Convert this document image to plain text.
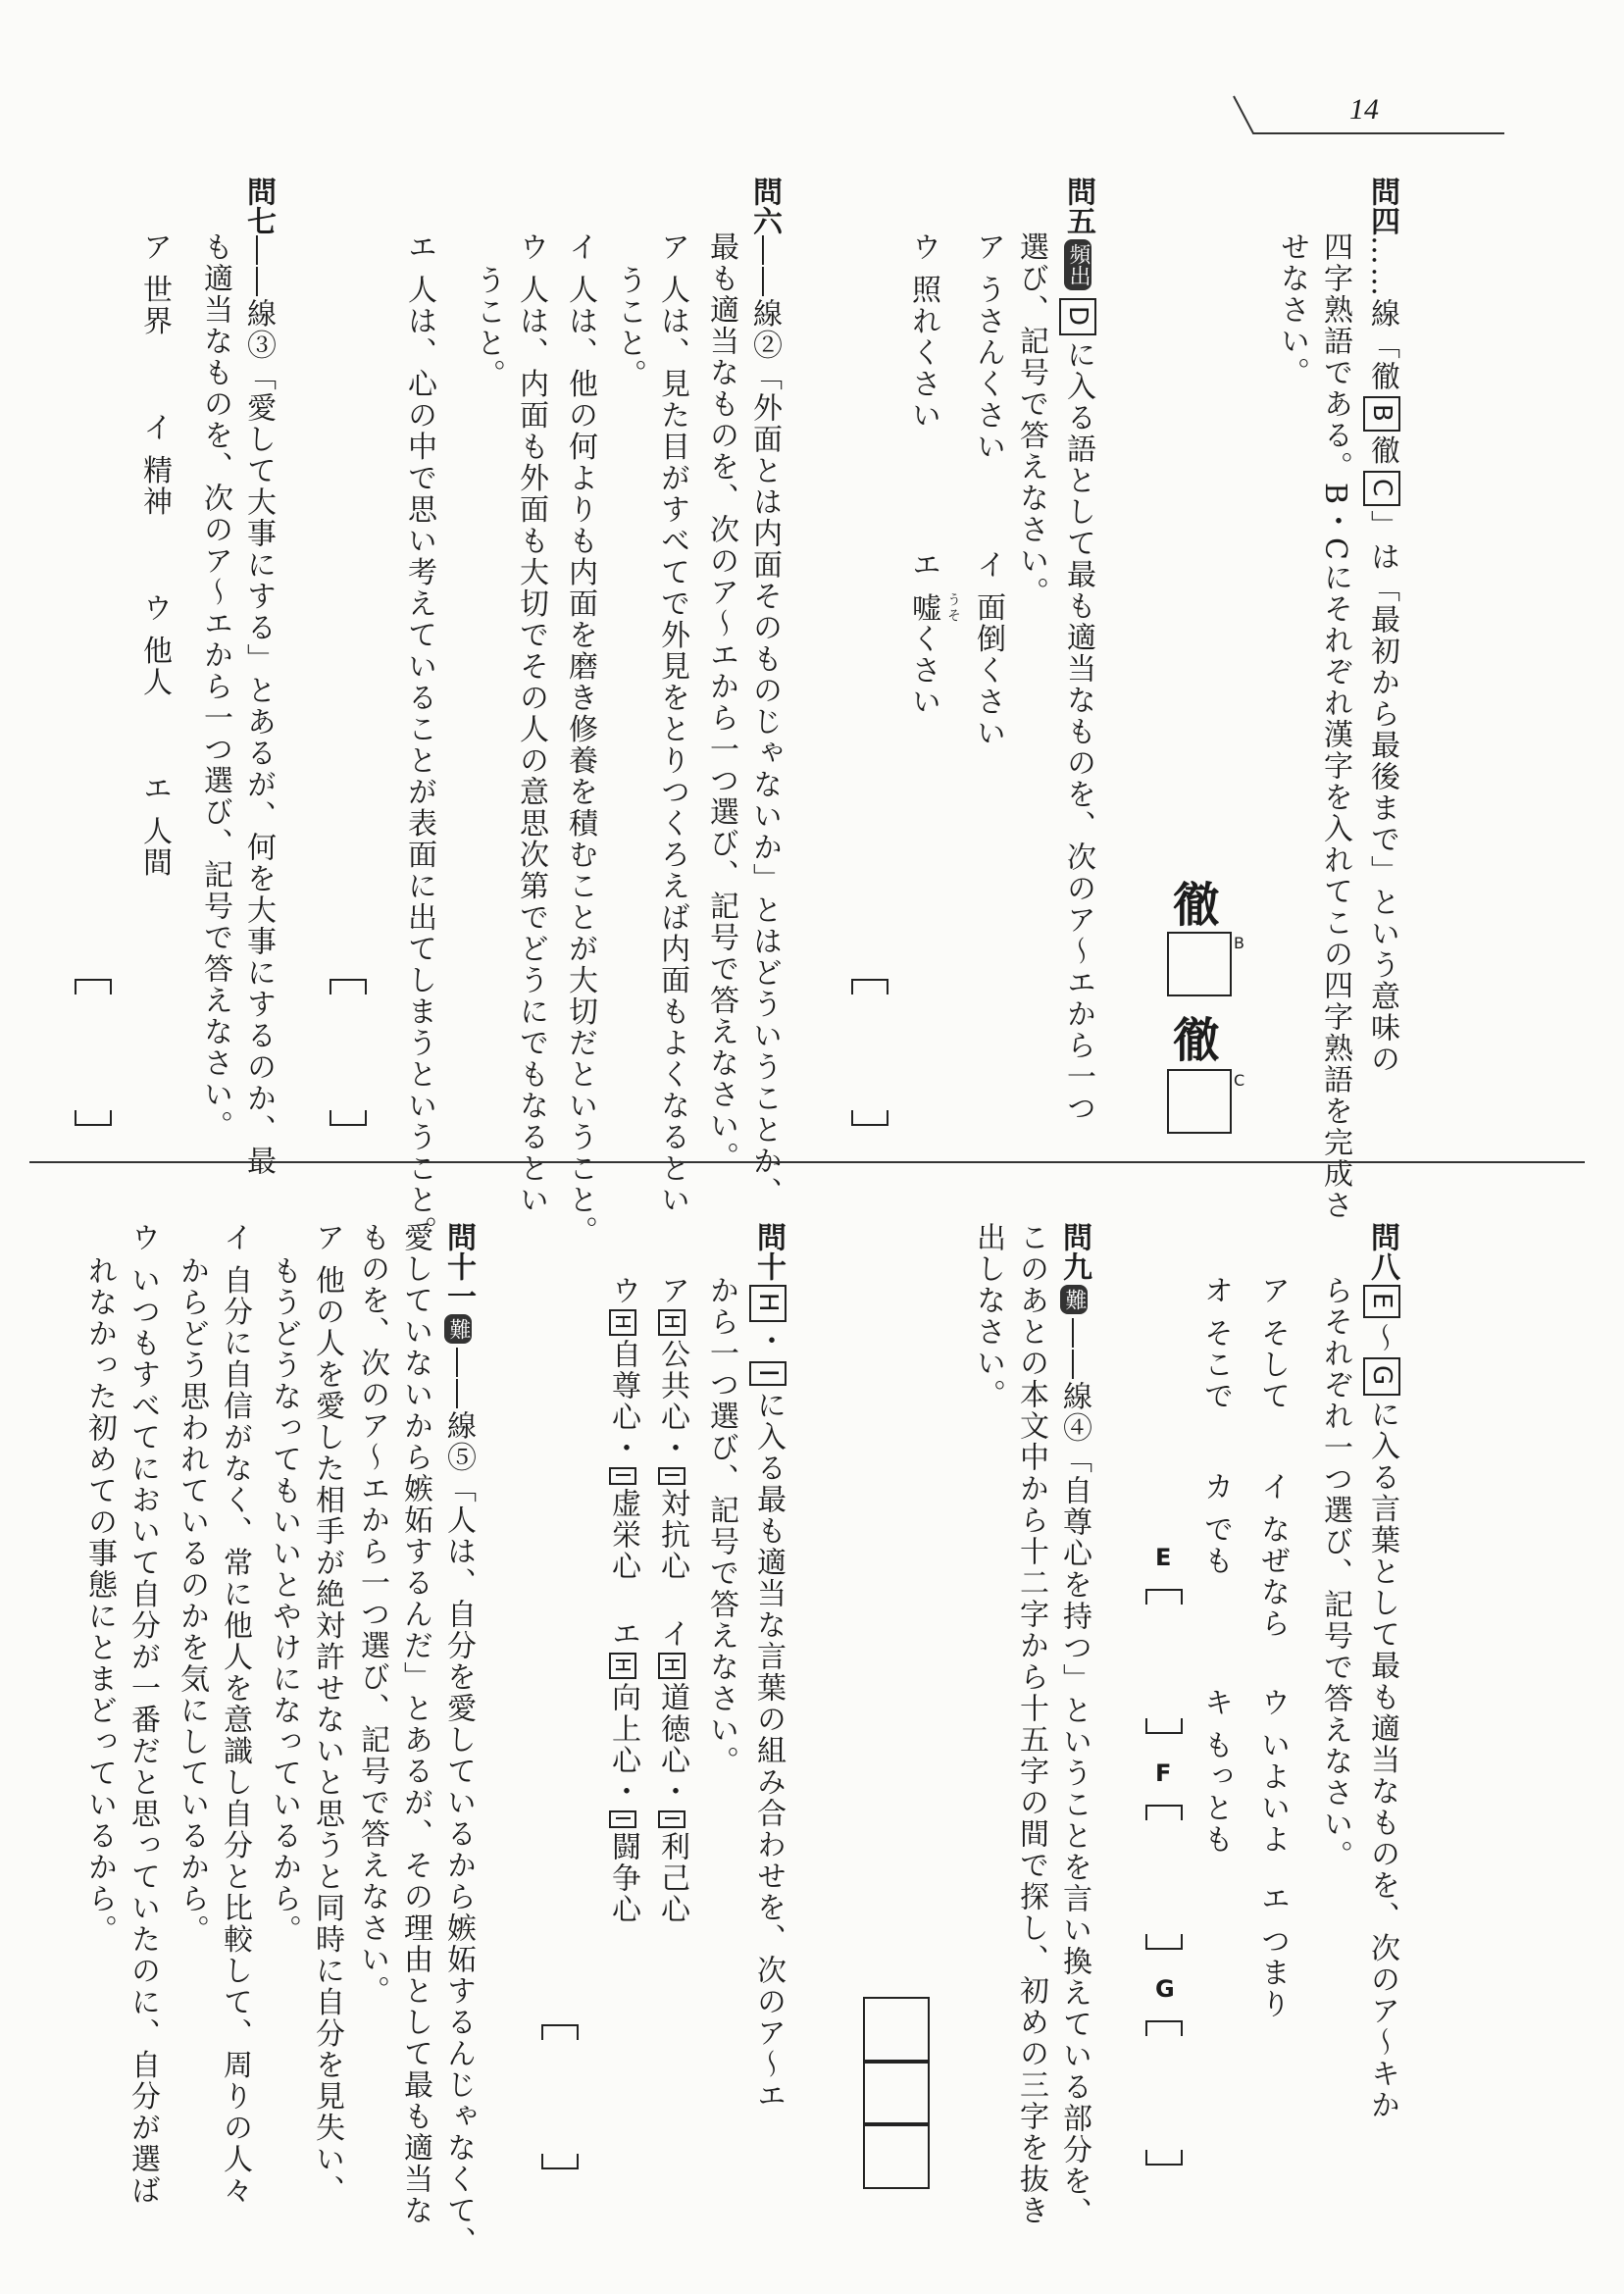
14
問四……線「徹B徹C」は「最初から最後まで」という意味の
四字熟語である。B・Cにそれぞれ漢字を入れてこの四字熟語を完成さ
せなさい。
徹
B
徹
C
問五頻出Dに入る語として最も適当なものを、次のア～エから一つ
選び、記号で答えなさい。
ア うさんくさい
イ 面倒くさい
ウ 照れくさい
エ 嘘 うそ
くさい
問六――線②「外面とは内面そのものじゃないか」とはどういうことか、
最も適当なものを、次のア～エから一つ選び、記号で答えなさい。
ア 人は、見た目がすべてで外見をとりつくろえば内面もよくなるとい
うこと。
イ 人は、他の何よりも内面を磨き修養を積むことが大切だということ。
ウ 人は、内面も外面も大切でその人の意思次第でどうにでもなるとい
うこと。
エ 人は、心の中で思い考えていることが表面に出てしまうということ。
問七――線③「愛して大事にする」とあるが、何を大事にするのか、最
も適当なものを、次のア～エから一つ選び、記号で答えなさい。
ア 世界
イ 精神
ウ 他人
エ 人間
問八E～Gに入る言葉として最も適当なものを、次のア～キか
らそれぞれ一つ選び、記号で答えなさい。
ア そして
イ なぜなら
ウ いよいよ
エ つまり
オ そこで
カ でも
キ もっとも
E
F
G
問九難――線④「自尊心を持つ」ということを言い換えている部分を、
このあとの本文中から十二字から十五字の間で探し、初めの三字を抜き
出しなさい。
問十H・Iに入る最も適当な言葉の組み合わせを、次のア～エ
から一つ選び、記号で答えなさい。
アH公共心・I対抗心
イH道徳心・I利己心
ウH自尊心・I虚栄心
エH向上心・I闘争心
問十一難――線⑤「人は、自分を愛しているから嫉妬するんじゃなくて、
愛していないから嫉妬するんだ」とあるが、その理由として最も適当な
ものを、次のア～エから一つ選び、記号で答えなさい。
ア 他の人を愛した相手が絶対許せないと思うと同時に自分を見失い、
もうどうなってもいいとやけになっているから。
イ 自分に自信がなく、常に他人を意識し自分と比較して、周りの人々
からどう思われているのかを気にしているから。
ウ いつもすべてにおいて自分が一番だと思っていたのに、自分が選ば
れなかった初めての事態にとまどっているから。
